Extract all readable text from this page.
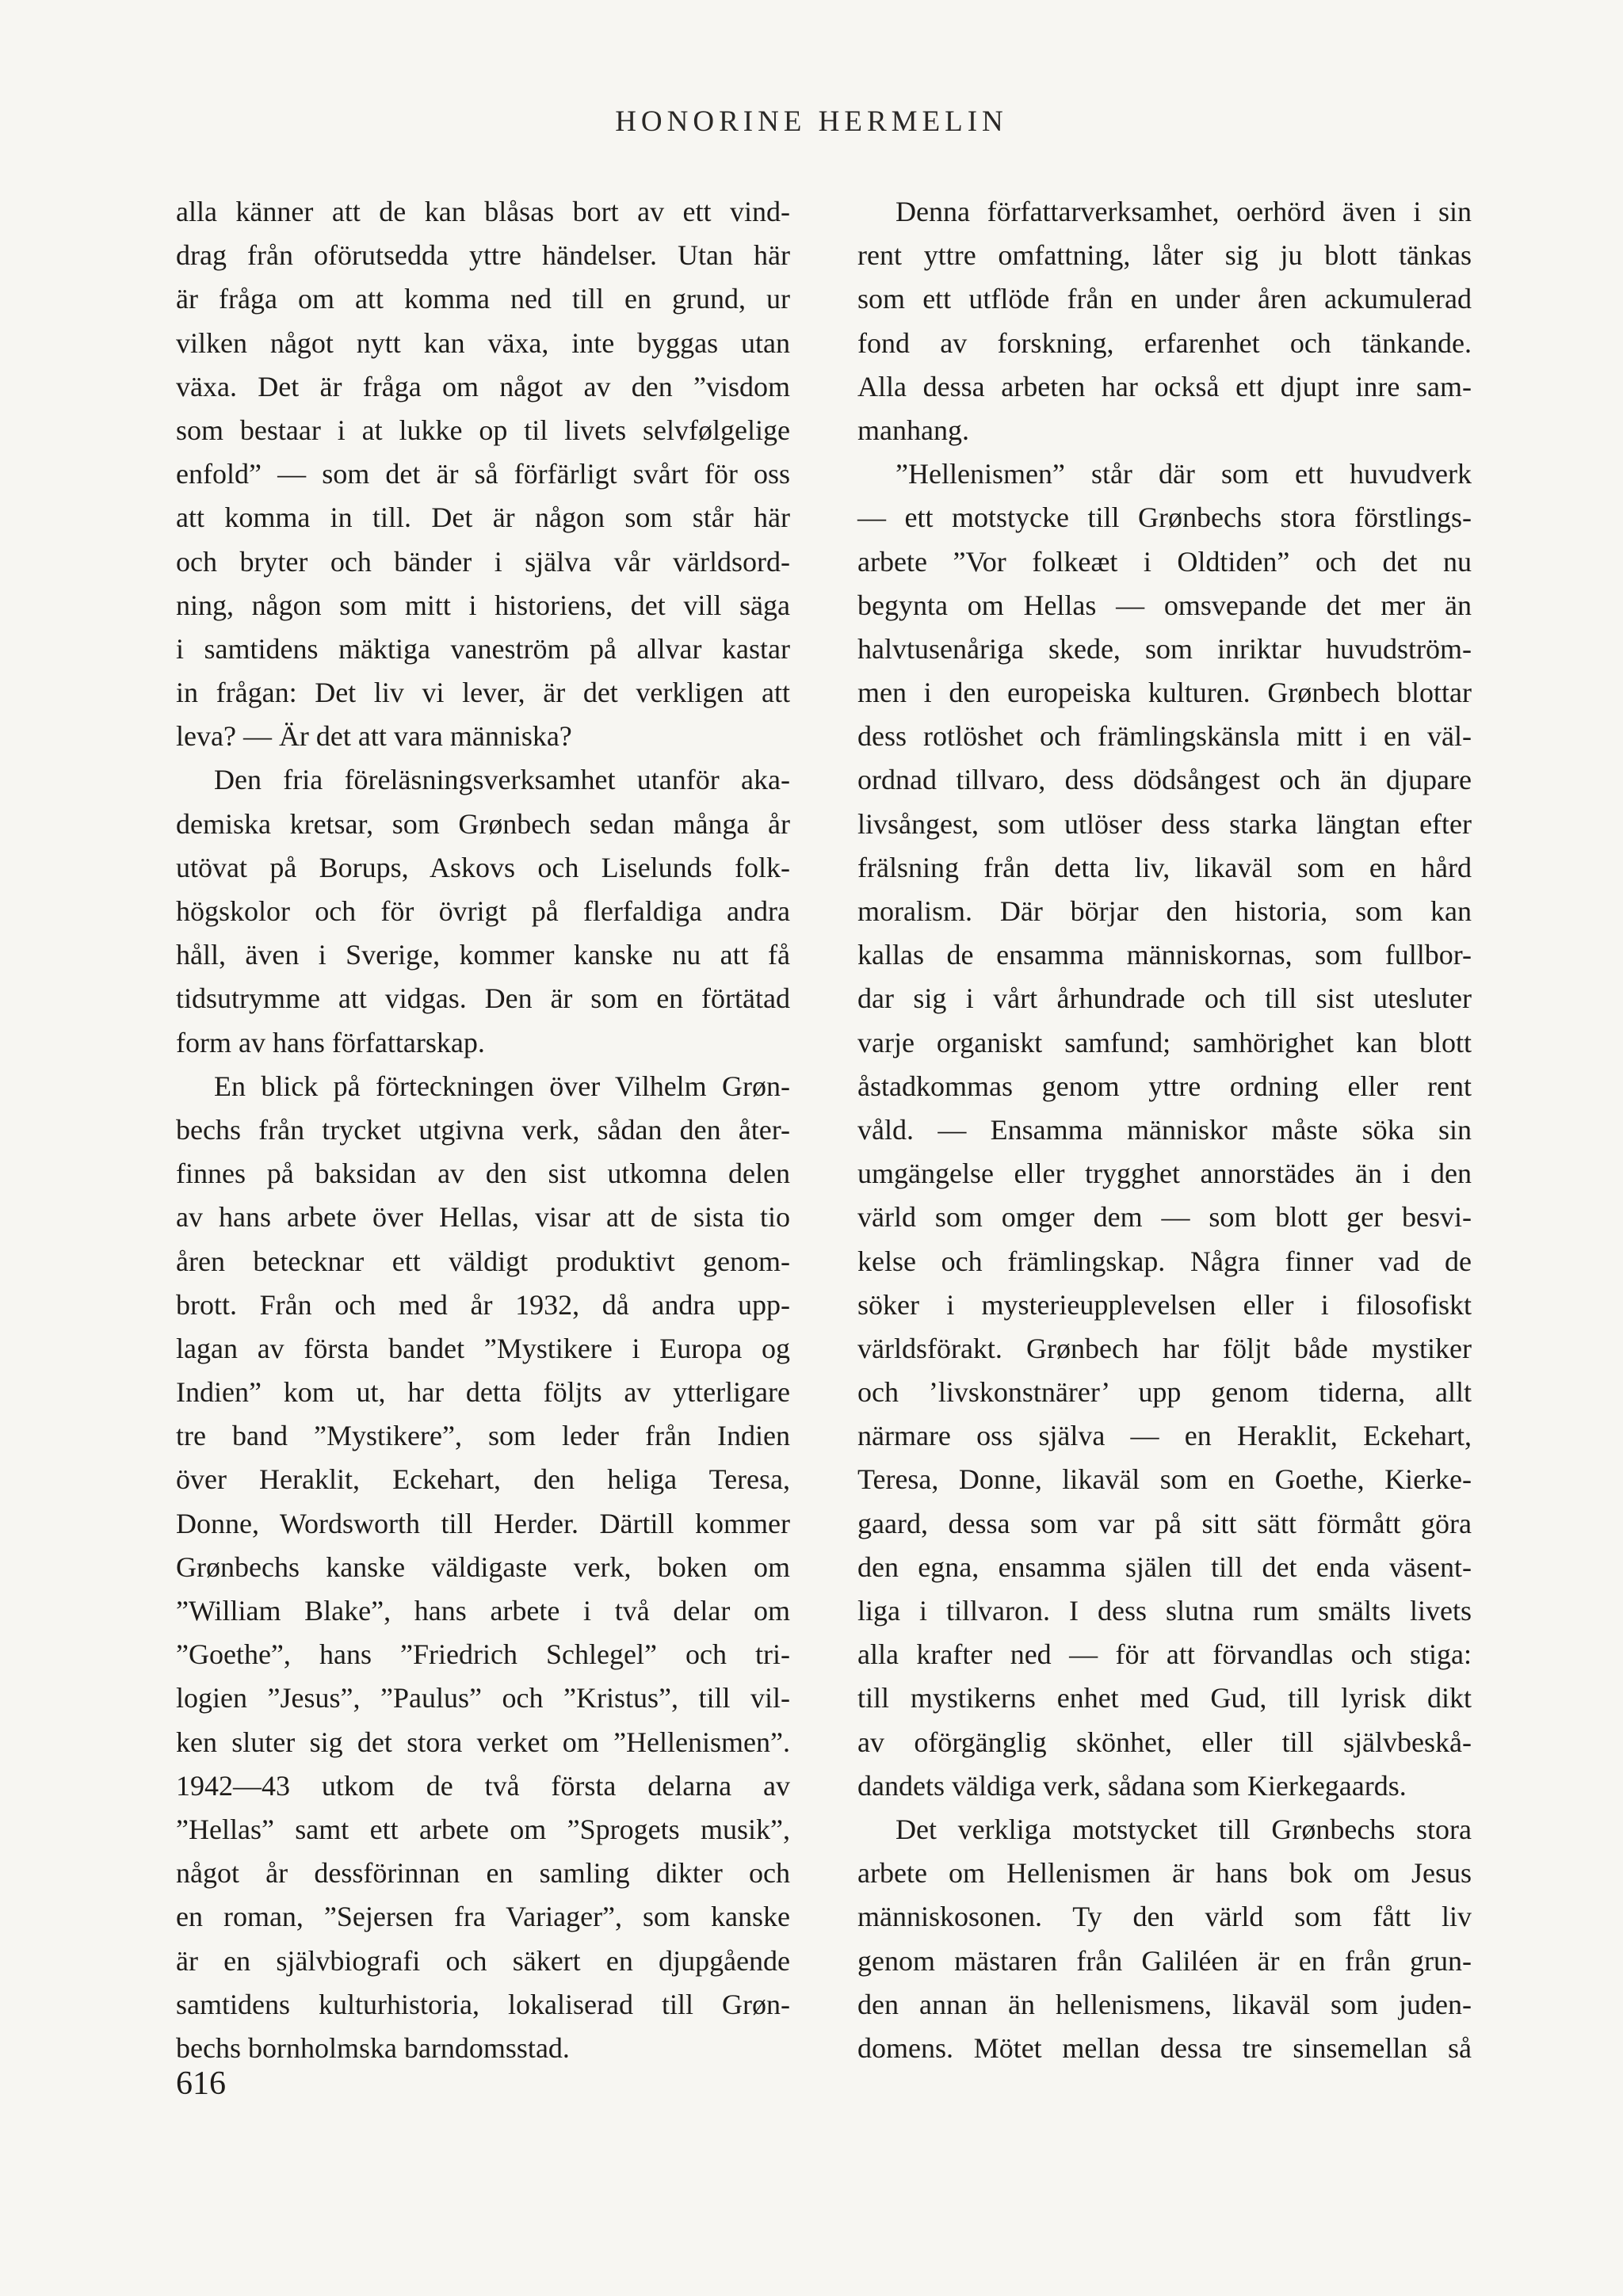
HONORINE HERMELIN
alla känner att de kan blåsas bort av ett vind-
drag från oförutsedda yttre händelser. Utan här
är fråga om att komma ned till en grund, ur
vilken något nytt kan växa, inte byggas utan
växa. Det är fråga om något av den ”visdom
som bestaar i at lukke op til livets selvfølgelige
enfold” — som det är så förfärligt svårt för oss
att komma in till. Det är någon som står här
och bryter och bänder i själva vår världsord-
ning, någon som mitt i historiens, det vill säga
i samtidens mäktiga vaneström på allvar kastar
in frågan: Det liv vi lever, är det verkligen att
leva? — Är det att vara människa?
Den fria föreläsningsverksamhet utanför aka-
demiska kretsar, som Grønbech sedan många år
utövat på Borups, Askovs och Liselunds folk-
högskolor och för övrigt på flerfaldiga andra
håll, även i Sverige, kommer kanske nu att få
tidsutrymme att vidgas. Den är som en förtätad
form av hans författarskap.
En blick på förteckningen över Vilhelm Grøn-
bechs från trycket utgivna verk, sådan den åter-
finnes på baksidan av den sist utkomna delen
av hans arbete över Hellas, visar att de sista tio
åren betecknar ett väldigt produktivt genom-
brott. Från och med år 1932, då andra upp-
lagan av första bandet ”Mystikere i Europa og
Indien” kom ut, har detta följts av ytterligare
tre band ”Mystikere”, som leder från Indien
över Heraklit, Eckehart, den heliga Teresa,
Donne, Wordsworth till Herder. Därtill kommer
Grønbechs kanske väldigaste verk, boken om
”William Blake”, hans arbete i två delar om
”Goethe”, hans ”Friedrich Schlegel” och tri-
logien ”Jesus”, ”Paulus” och ”Kristus”, till vil-
ken sluter sig det stora verket om ”Hellenismen”.
1942—43 utkom de två första delarna av
”Hellas” samt ett arbete om ”Sprogets musik”,
något år dessförinnan en samling dikter och
en roman, ”Sejersen fra Variager”, som kanske
är en självbiografi och säkert en djupgående
samtidens kulturhistoria, lokaliserad till Grøn-
bechs bornholmska barndomsstad.
Denna författarverksamhet, oerhörd även i sin
rent yttre omfattning, låter sig ju blott tänkas
som ett utflöde från en under åren ackumulerad
fond av forskning, erfarenhet och tänkande.
Alla dessa arbeten har också ett djupt inre sam-
manhang.
”Hellenismen” står där som ett huvudverk
— ett motstycke till Grønbechs stora förstlings-
arbete ”Vor folkeæt i Oldtiden” och det nu
begynta om Hellas — omsvepande det mer än
halvtusenåriga skede, som inriktar huvudström-
men i den europeiska kulturen. Grønbech blottar
dess rotlöshet och främlingskänsla mitt i en väl-
ordnad tillvaro, dess dödsångest och än djupare
livsångest, som utlöser dess starka längtan efter
frälsning från detta liv, likaväl som en hård
moralism. Där börjar den historia, som kan
kallas de ensamma människornas, som fullbor-
dar sig i vårt århundrade och till sist utesluter
varje organiskt samfund; samhörighet kan blott
åstadkommas genom yttre ordning eller rent
våld. — Ensamma människor måste söka sin
umgängelse eller trygghet annorstädes än i den
värld som omger dem — som blott ger besvi-
kelse och främlingskap. Några finner vad de
söker i mysterieupplevelsen eller i filosofiskt
världsförakt. Grønbech har följt både mystiker
och ’livskonstnärer’ upp genom tiderna, allt
närmare oss själva — en Heraklit, Eckehart,
Teresa, Donne, likaväl som en Goethe, Kierke-
gaard, dessa som var på sitt sätt förmått göra
den egna, ensamma själen till det enda väsent-
liga i tillvaron. I dess slutna rum smälts livets
alla krafter ned — för att förvandlas och stiga:
till mystikerns enhet med Gud, till lyrisk dikt
av oförgänglig skönhet, eller till självbeskå-
dandets väldiga verk, sådana som Kierkegaards.
Det verkliga motstycket till Grønbechs stora
arbete om Hellenismen är hans bok om Jesus
människosonen. Ty den värld som fått liv
genom mästaren från Galiléen är en från grun-
den annan än hellenismens, likaväl som juden-
domens. Mötet mellan dessa tre sinsemellan så
616
